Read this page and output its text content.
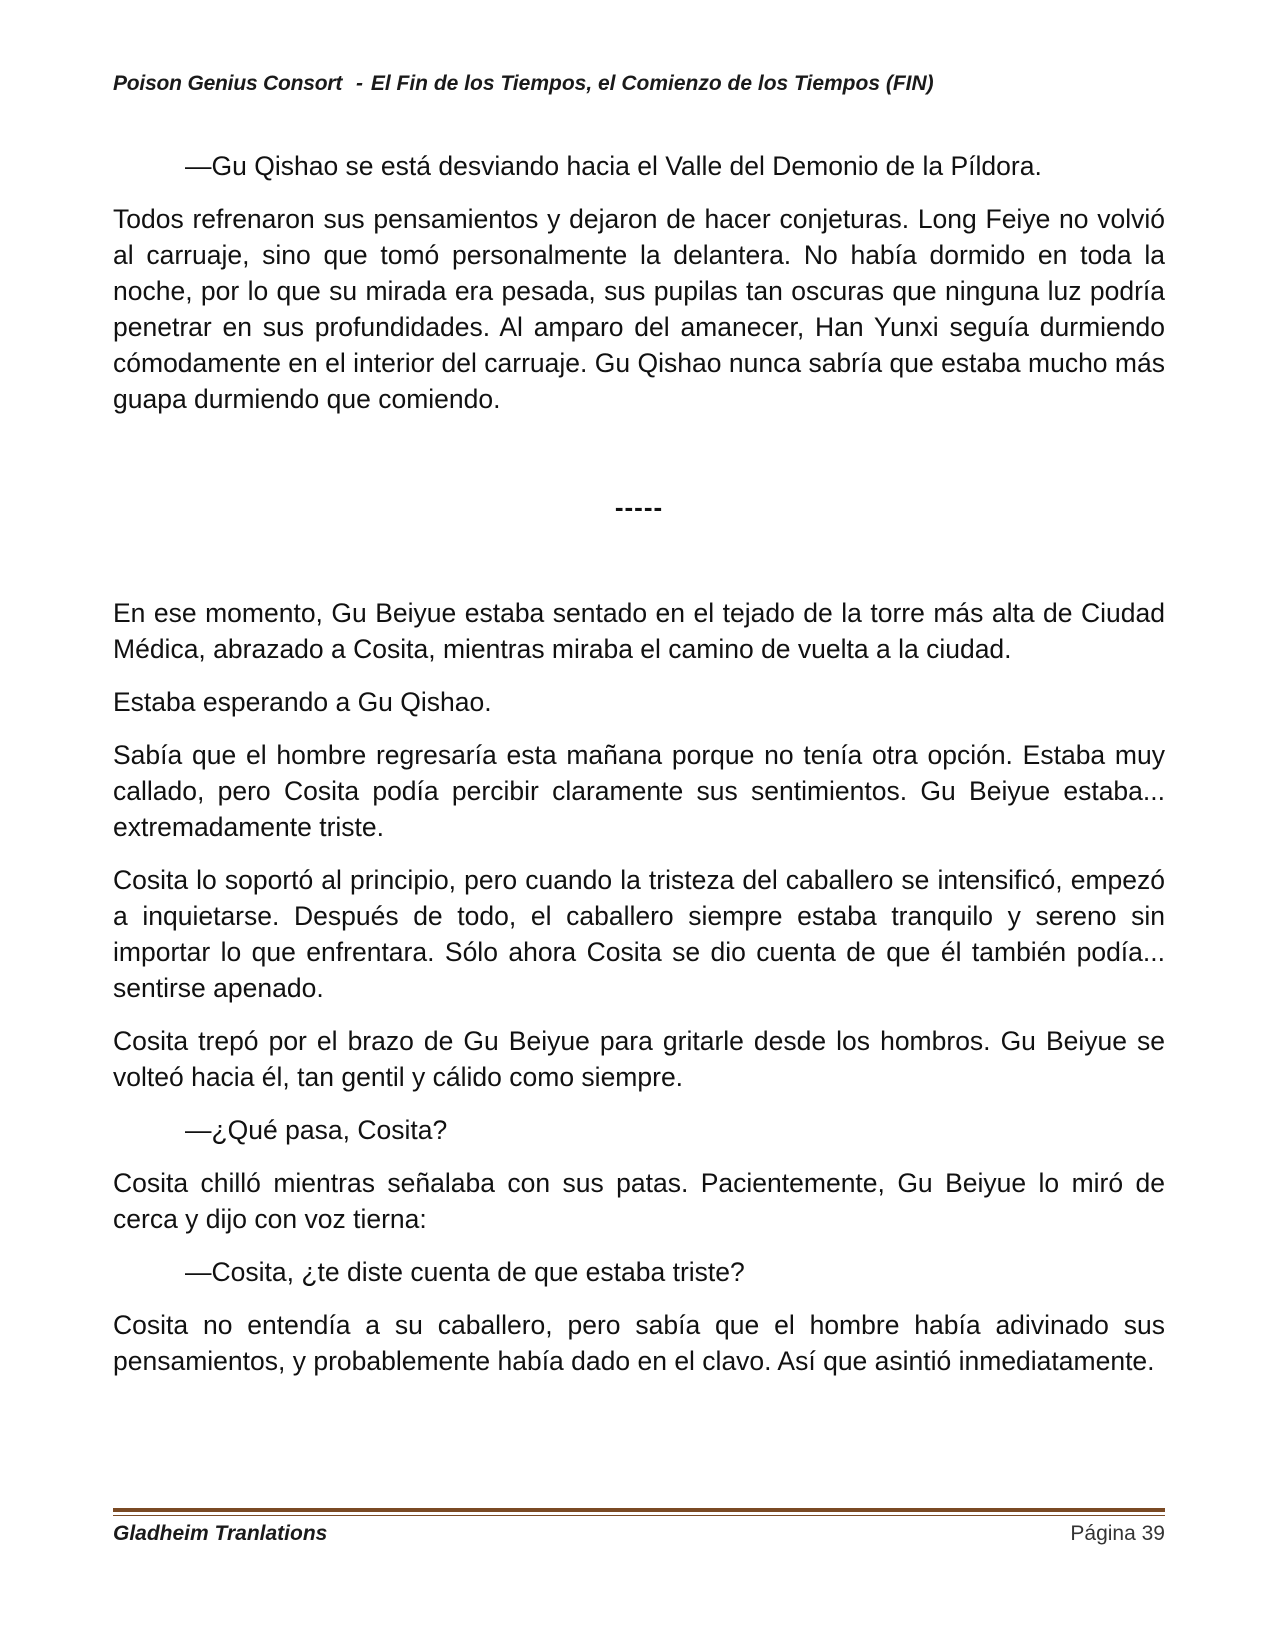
Poison Genius Consort - El Fin de los Tiempos, el Comienzo de los Tiempos (FIN)

—Gu Qishao se está desviando hacia el Valle del Demonio de la Píldora.

Todos refrenaron sus pensamientos y dejaron de hacer conjeturas. Long Feiye no volvió al carruaje, sino que tomó personalmente la delantera. No había dormido en toda la noche, por lo que su mirada era pesada, sus pupilas tan oscuras que ninguna luz podría penetrar en sus profundidades. Al amparo del amanecer, Han Yunxi seguía durmiendo cómodamente en el interior del carruaje. Gu Qishao nunca sabría que estaba mucho más guapa durmiendo que comiendo.

-----

En ese momento, Gu Beiyue estaba sentado en el tejado de la torre más alta de Ciudad Médica, abrazado a Cosita, mientras miraba el camino de vuelta a la ciudad.

Estaba esperando a Gu Qishao.

Sabía que el hombre regresaría esta mañana porque no tenía otra opción. Estaba muy callado, pero Cosita podía percibir claramente sus sentimientos. Gu Beiyue estaba... extremadamente triste.

Cosita lo soportó al principio, pero cuando la tristeza del caballero se intensificó, empezó a inquietarse. Después de todo, el caballero siempre estaba tranquilo y sereno sin importar lo que enfrentara. Sólo ahora Cosita se dio cuenta de que él también podía... sentirse apenado.

Cosita trepó por el brazo de Gu Beiyue para gritarle desde los hombros. Gu Beiyue se volteó hacia él, tan gentil y cálido como siempre.

—¿Qué pasa, Cosita?

Cosita chilló mientras señalaba con sus patas. Pacientemente, Gu Beiyue lo miró de cerca y dijo con voz tierna:

—Cosita, ¿te diste cuenta de que estaba triste?

Cosita no entendía a su caballero, pero sabía que el hombre había adivinado sus pensamientos, y probablemente había dado en el clavo. Así que asintió inmediatamente.

Gladheim Tranlations	Página 39
